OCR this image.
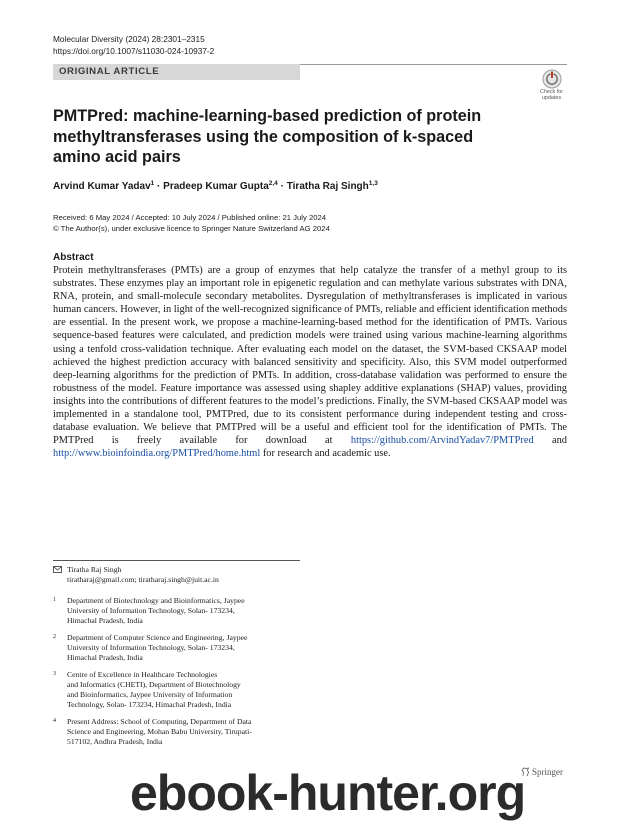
Molecular Diversity (2024) 28:2301–2315
https://doi.org/10.1007/s11030-024-10937-2
ORIGINAL ARTICLE
Check for
updates
PMTPred: machine-learning-based prediction of protein methyltransferases using the composition of k-spaced amino acid pairs
Arvind Kumar Yadav$^1$ · Pradeep Kumar Gupta$^{2,4}$ · Tiratha Raj Singh$^{1,3}$
Received: 6 May 2024 / Accepted: 10 July 2024 / Published online: 21 July 2024
© The Author(s), under exclusive licence to Springer Nature Switzerland AG 2024
Abstract

Protein methyltransferases (PMTs) are a group of enzymes that help catalyze the transfer of a methyl group to its substrates. These enzymes play an important role in epigenetic regulation and can methylate various substrates with DNA, RNA, protein, and small-molecule secondary metabolites. Dysregulation of methyltransferases is implicated in various human cancers. However, in light of the well-recognized significance of PMTs, reliable and efficient identification methods are essential. In the present work, we propose a machine-learning-based method for the identification of PMTs. Various sequence-based features were calculated, and prediction models were trained using various machine-learning algorithms using a tenfold cross-validation technique. After evaluating each model on the dataset, the SVM-based CKSAAP model achieved the highest prediction accuracy with balanced sensitivity and specificity. Also, this SVM model outperformed deep-learning algorithms for the prediction of PMTs. In addition, cross-database validation was performed to ensure the robustness of the model. Feature importance was assessed using shapley additive explanations (SHAP) values, providing insights into the contributions of different features to the model’s predictions. Finally, the SVM-based CKSAAP model was implemented in a standalone tool, PMTPred, due to its consistent performance during independent testing and cross-database evaluation. We believe that PMTPred will be a useful and efficient tool for the identification of PMTs. The PMTPred is freely available for download at https://github.com/ArvindYadav7/PMTPred and http://www.bioinfoindia.org/PMTPred/home.html for research and academic use.

Tiratha Raj Singh
tiratharaj@gmail.com; tiratharaj.singh@juit.ac.in
1 Department of Biotechnology and Bioinformatics, Jaypee
University of Information Technology, Solan- 173234,
Himachal Pradesh, India
2 Department of Computer Science and Engineering, Jaypee
University of Information Technology, Solan- 173234,
Himachal Pradesh, India
3 Centre of Excellence in Healthcare Technologies
and Informatics (CHETI), Department of Biotechnology
and Bioinformatics, Jaypee University of Information
Technology, Solan- 173234, Himachal Pradesh, India
4 Present Address: School of Computing, Department of Data
Science and Engineering, Mohan Babu University, Tirupati-
517102, Andhra Pradesh, India
Springer
ebook-hunter.org
